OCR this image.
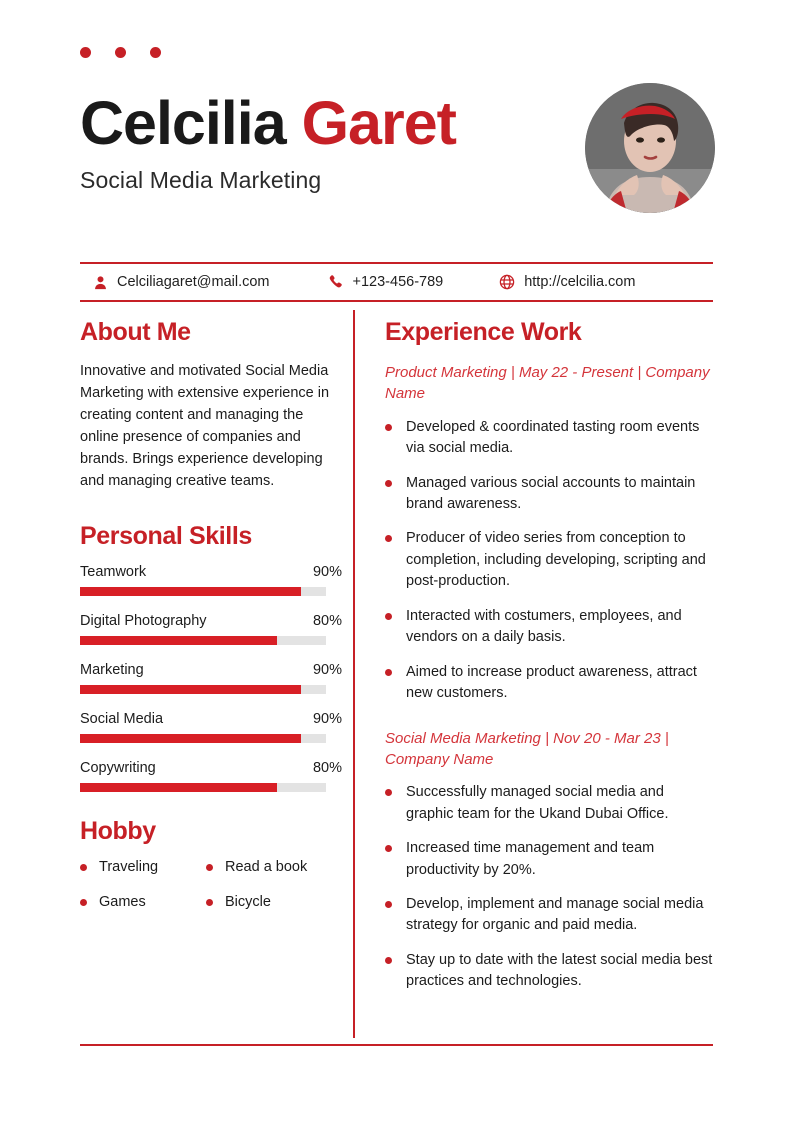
Celcilia Garet
Social Media Marketing
Celciliagaret@mail.com	+123-456-789	http://celcilia.com
About Me
Innovative and motivated Social Media Marketing with extensive experience in creating content and managing the online presence of companies and brands. Brings experience developing and managing creative teams.
Personal Skills
Teamwork	90%
Digital Photography	80%
Marketing	90%
Social Media	90%
Copywriting	80%
Hobby
Traveling	Read a book
Games	Bicycle
Experience Work
Product Marketing | May 22 - Present | Company Name
Developed & coordinated tasting room events via social media.
Managed various social accounts to maintain brand awareness.
Producer of video series from conception to completion, including developing, scripting and post-production.
Interacted with costumers, employees, and vendors on a daily basis.
Aimed to increase product awareness, attract new customers.
Social Media Marketing | Nov 20 - Mar 23 | Company Name
Successfully managed social media and graphic team for the Ukand Dubai Office.
Increased time management and team productivity by 20%.
Develop, implement and manage social media strategy for organic and paid media.
Stay up to date with the latest social media best practices and technologies.
